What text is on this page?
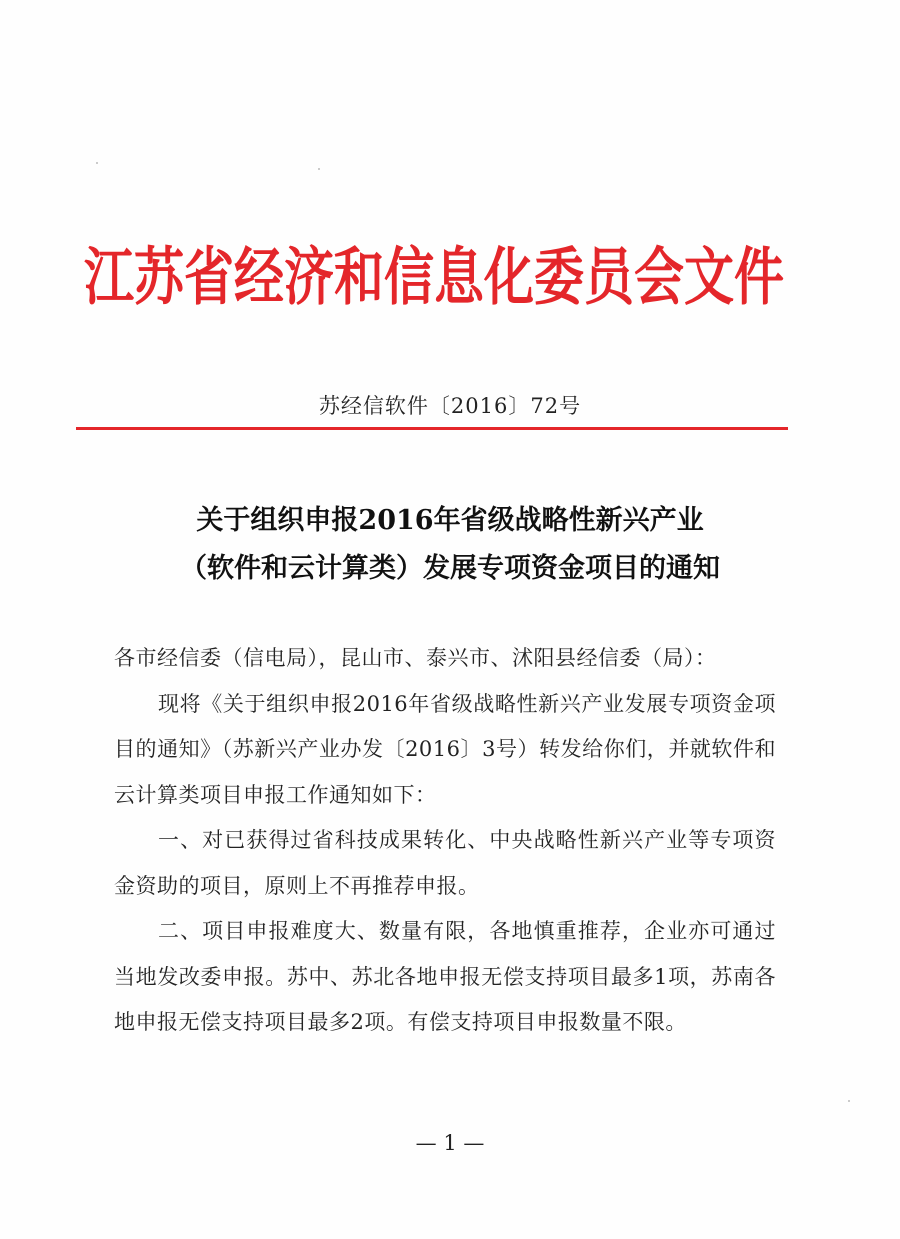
江苏省经济和信息化委员会文件
苏经信软件〔2016〕72号
关于组织申报2016年省级战略性新兴产业
（软件和云计算类）发展专项资金项目的通知

各市经信委（信电局），昆山市、泰兴市、沭阳县经信委（局）：

现将《关于组织申报2016年省级战略性新兴产业发展专项资金项目的通知》（苏新兴产业办发〔2016〕3号）转发给你们，并就软件和云计算类项目申报工作通知如下：

一、对已获得过省科技成果转化、中央战略性新兴产业等专项资金资助的项目，原则上不再推荐申报。

二、项目申报难度大、数量有限，各地慎重推荐，企业亦可通过当地发改委申报。苏中、苏北各地申报无偿支持项目最多1项，苏南各地申报无偿支持项目最多2项。有偿支持项目申报数量不限。

— 1 —
